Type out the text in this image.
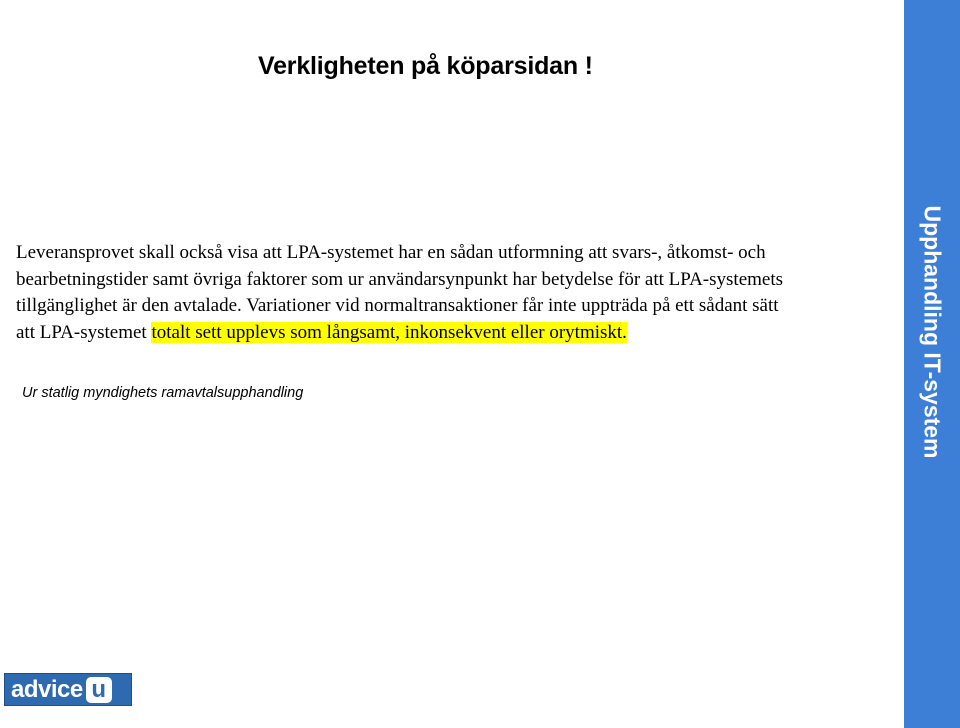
Verkligheten på köparsidan !
Leveransprovet skall också visa att LPA-systemet har en sådan utformning att svars-, åtkomst- och
bearbetningstider samt övriga faktorer som ur användarsynpunkt har betydelse för att LPA-systemets
tillgänglighet är den avtalade. Variationer vid normaltransaktioner får inte uppträda på ett sådant sätt
att LPA-systemet totalt sett upplevs som långsamt, inkonsekvent eller orytmiskt.
Ur statlig myndighets ramavtalsupphandling	Upphandling IT-system
advice u
